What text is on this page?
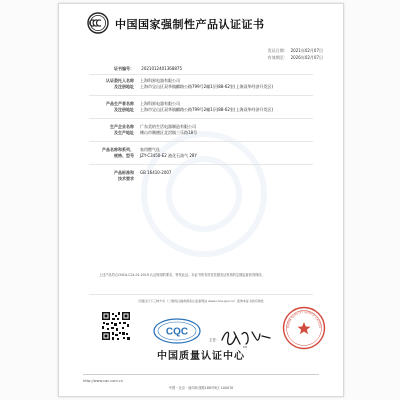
中国国家强制性产品认证证书
发证日期： 2021年02月07日
有效期至： 2026年02月07日
证书编号： 2021012401368875
认证委托人名称 上海科界电器有限公司
及注册地址 上海市宝山区双华镇麒路公路799号2幢1层(88-62室(上海双华经济开发区)
产品生产者名称 上海科界电器有限公司
及注册地址 上海市宝山区双华镇麒路公路799号2幢1层(88-62室(上海双华经济开发区)
生产企业名称 广东美的生活电器制造有限公司
及生产地址 佛山市顺德区北滘镇三乐路18号
产品名称和系列、 家用燃气灶
规格、型号 JZY-C3450-E2 液化石油气 28Y
产品标准和 GB 16410-2007
技术要求
上述产品符合CNCA-C24-01:2019 认证规则的要求，特发此证。本证书的有效性依据发证机构的定期监督获得保持。
可通过以下三种方式（二维码扫描或国家认监委网站 www.cnca.gov.cn）查询本证书的有效性
CQC
主任：
陈相
CHINA QUALITY CERTIFICATION
中国质量认证中心
http://www.cqc.com.cn
中国 · 北京 · 南四环西路188号9区 100070
